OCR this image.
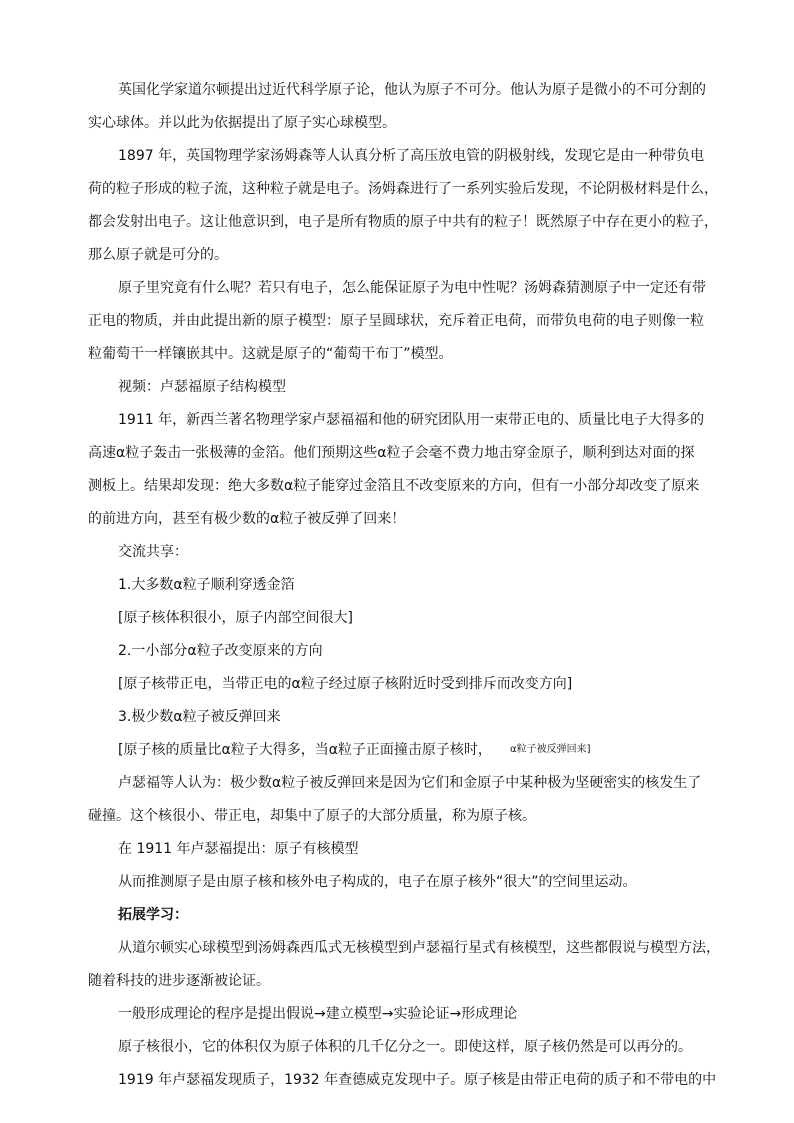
英国化学家道尔顿提出过近代科学原子论，他认为原子不可分。他认为原子是微小的不可分割的
实心球体。并以此为依据提出了原子实心球模型。
1897 年，英国物理学家汤姆森等人认真分析了高压放电管的阴极射线，发现它是由一种带负电
荷的粒子形成的粒子流，这种粒子就是电子。汤姆森进行了一系列实验后发现，不论阴极材料是什么，
都会发射出电子。这让他意识到，电子是所有物质的原子中共有的粒子！既然原子中存在更小的粒子，
那么原子就是可分的。
原子里究竟有什么呢？若只有电子，怎么能保证原子为电中性呢？汤姆森猜测原子中一定还有带
正电的物质，并由此提出新的原子模型：原子呈圆球状，充斥着正电荷，而带负电荷的电子则像一粒
粒葡萄干一样镶嵌其中。这就是原子的“葡萄干布丁”模型。
视频：卢瑟福原子结构模型
1911 年，新西兰著名物理学家卢瑟福福和他的研究团队用一束带正电的、质量比电子大得多的
高速α粒子轰击一张极薄的金箔。他们预期这些α粒子会毫不费力地击穿金原子，顺利到达对面的探
测板上。结果却发现：绝大多数α粒子能穿过金箔且不改变原来的方向，但有一小部分却改变了原来
的前进方向，甚至有极少数的α粒子被反弹了回来！
交流共享：
1.大多数α粒子顺利穿透金箔
[原子核体积很小，原子内部空间很大]
2.一小部分α粒子改变原来的方向
[原子核带正电，当带正电的α粒子经过原子核附近时受到排斥而改变方向]
3.极少数α粒子被反弹回来
[原子核的质量比α粒子大得多，当α粒子正面撞击原子核时，	α粒子被反弹回来]
卢瑟福等人认为：极少数α粒子被反弹回来是因为它们和金原子中某种极为坚硬密实的核发生了
碰撞。这个核很小、带正电，却集中了原子的大部分质量，称为原子核。
在 1911 年卢瑟福提出：原子有核模型
从而推测原子是由原子核和核外电子构成的，电子在原子核外“很大”的空间里运动。
拓展学习：
从道尔顿实心球模型到汤姆森西瓜式无核模型到卢瑟福行星式有核模型，这些都假说与模型方法，
随着科技的进步逐渐被论证。
一般形成理论的程序是提出假说→建立模型→实验论证→形成理论
原子核很小，它的体积仅为原子体积的几千亿分之一。即使这样，原子核仍然是可以再分的。
1919 年卢瑟福发现质子，1932 年查德威克发现中子。原子核是由带正电荷的质子和不带电的中
